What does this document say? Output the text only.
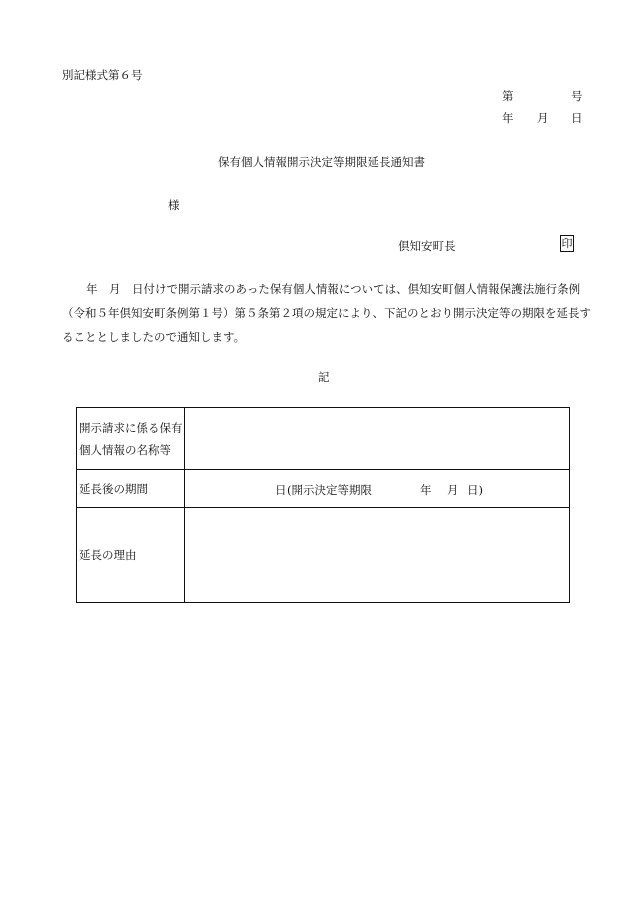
別記様式第６号
第	号
年 月 日
保有個人情報開示決定等期限延長通知書
様
倶知安町長	印
年　月　日付けで開示請求のあった保有個人情報については、倶知安町個人情報保護法施行条例（令和５年倶知安町条例第１号）第５条第２項の規定により、下記のとおり開示決定等の期限を延長することとしましたので通知します。
記
開示請求に係る保有
個人情報の名称等	

延長後の期間	日 (開示決定等期限 年 月 日)

延長の理由	
